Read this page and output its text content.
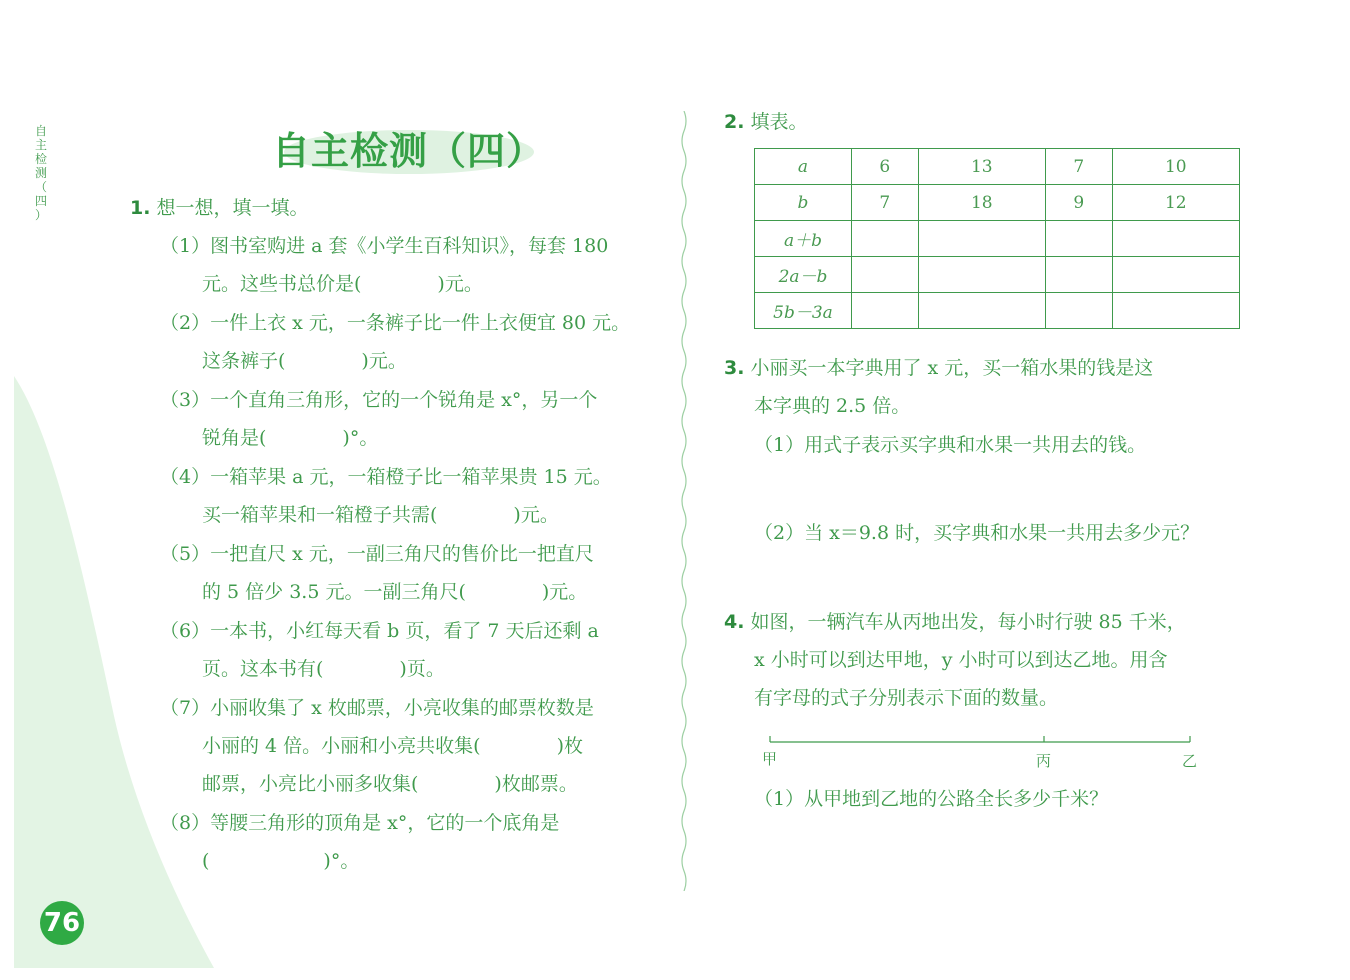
自
主
检
测
（
四
）
76
自主检测（四）
1. 想一想，填一填。
（1）图书室购进 a 套《小学生百科知识》，每套 180
元。这些书总价是(　　　　)元。
（2）一件上衣 x 元，一条裤子比一件上衣便宜 80 元。
这条裤子(　　　　)元。
（3）一个直角三角形，它的一个锐角是 x°，另一个
锐角是(　　　　)°。
（4）一箱苹果 a 元，一箱橙子比一箱苹果贵 15 元。
买一箱苹果和一箱橙子共需(　　　　)元。
（5）一把直尺 x 元，一副三角尺的售价比一把直尺
的 5 倍少 3.5 元。一副三角尺(　　　　)元。
（6）一本书，小红每天看 b 页，看了 7 天后还剩 a
页。这本书有(　　　　)页。
（7）小丽收集了 x 枚邮票，小亮收集的邮票枚数是
小丽的 4 倍。小丽和小亮共收集(　　　　)枚
邮票，小亮比小丽多收集(　　　　)枚邮票。
（8）等腰三角形的顶角是 x°，它的一个底角是
(　　　　　　)°。
2. 填表。
a	6	13	7	10
b	7	18	9	12
a＋b				
2a－b				
5b－3a				
3. 小丽买一本字典用了 x 元，买一箱水果的钱是这
本字典的 2.5 倍。
（1）用式子表示买字典和水果一共用去的钱。
（2）当 x＝9.8 时，买字典和水果一共用去多少元？
4. 如图，一辆汽车从丙地出发，每小时行驶 85 千米，
x 小时可以到达甲地，y 小时可以到达乙地。用含
有字母的式子分别表示下面的数量。
甲	丙	乙
（1）从甲地到乙地的公路全长多少千米？
